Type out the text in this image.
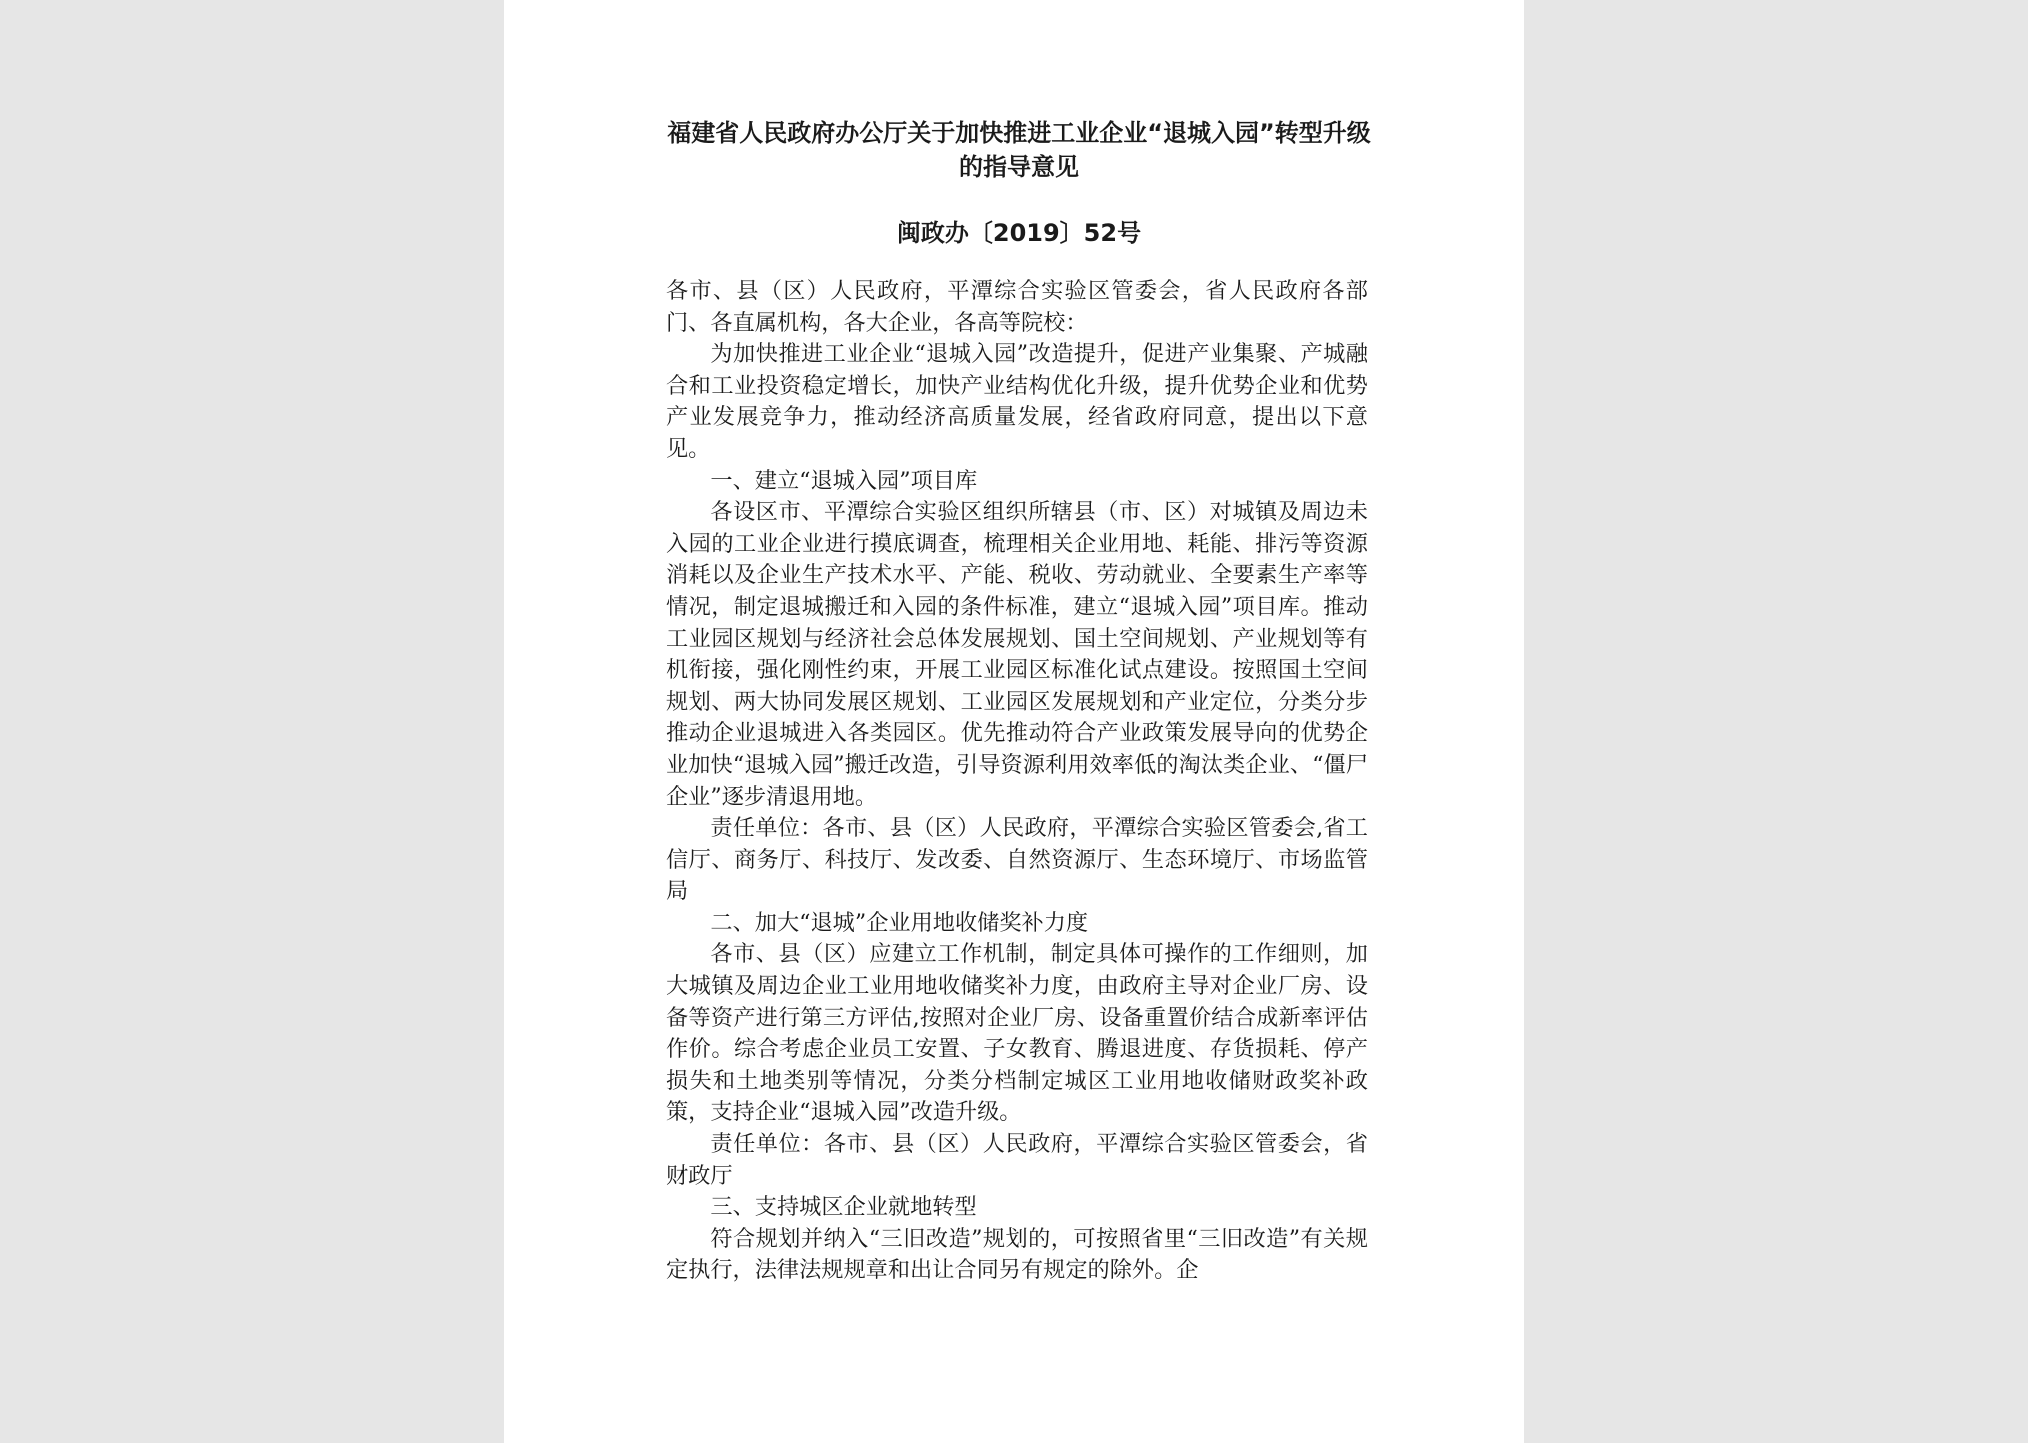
福建省人民政府办公厅关于加快推进工业企业“退城入园”转型升级的指导意见
闽政办〔2019〕52号

各市、县（区）人民政府，平潭综合实验区管委会，省人民政府各部门、各直属机构，各大企业，各高等院校：

为加快推进工业企业“退城入园”改造提升，促进产业集聚、产城融合和工业投资稳定增长，加快产业结构优化升级，提升优势企业和优势产业发展竞争力，推动经济高质量发展，经省政府同意，提出以下意见。

一、建立“退城入园”项目库

各设区市、平潭综合实验区组织所辖县（市、区）对城镇及周边未入园的工业企业进行摸底调查，梳理相关企业用地、耗能、排污等资源消耗以及企业生产技术水平、产能、税收、劳动就业、全要素生产率等情况，制定退城搬迁和入园的条件标准，建立“退城入园”项目库。推动工业园区规划与经济社会总体发展规划、国土空间规划、产业规划等有机衔接，强化刚性约束，开展工业园区标准化试点建设。按照国土空间规划、两大协同发展区规划、工业园区发展规划和产业定位，分类分步推动企业退城进入各类园区。优先推动符合产业政策发展导向的优势企业加快“退城入园”搬迁改造，引导资源利用效率低的淘汰类企业、“僵尸企业”逐步清退用地。

责任单位：各市、县（区）人民政府，平潭综合实验区管委会,省工信厅、商务厅、科技厅、发改委、自然资源厅、生态环境厅、市场监管局

二、加大“退城”企业用地收储奖补力度

各市、县（区）应建立工作机制，制定具体可操作的工作细则，加大城镇及周边企业工业用地收储奖补力度，由政府主导对企业厂房、设备等资产进行第三方评估,按照对企业厂房、设备重置价结合成新率评估作价。综合考虑企业员工安置、子女教育、腾退进度、存货损耗、停产损失和土地类别等情况，分类分档制定城区工业用地收储财政奖补政策，支持企业“退城入园”改造升级。

责任单位：各市、县（区）人民政府，平潭综合实验区管委会，省财政厅

三、支持城区企业就地转型

符合规划并纳入“三旧改造”规划的，可按照省里“三旧改造”有关规定执行，法律法规规章和出让合同另有规定的除外。企
